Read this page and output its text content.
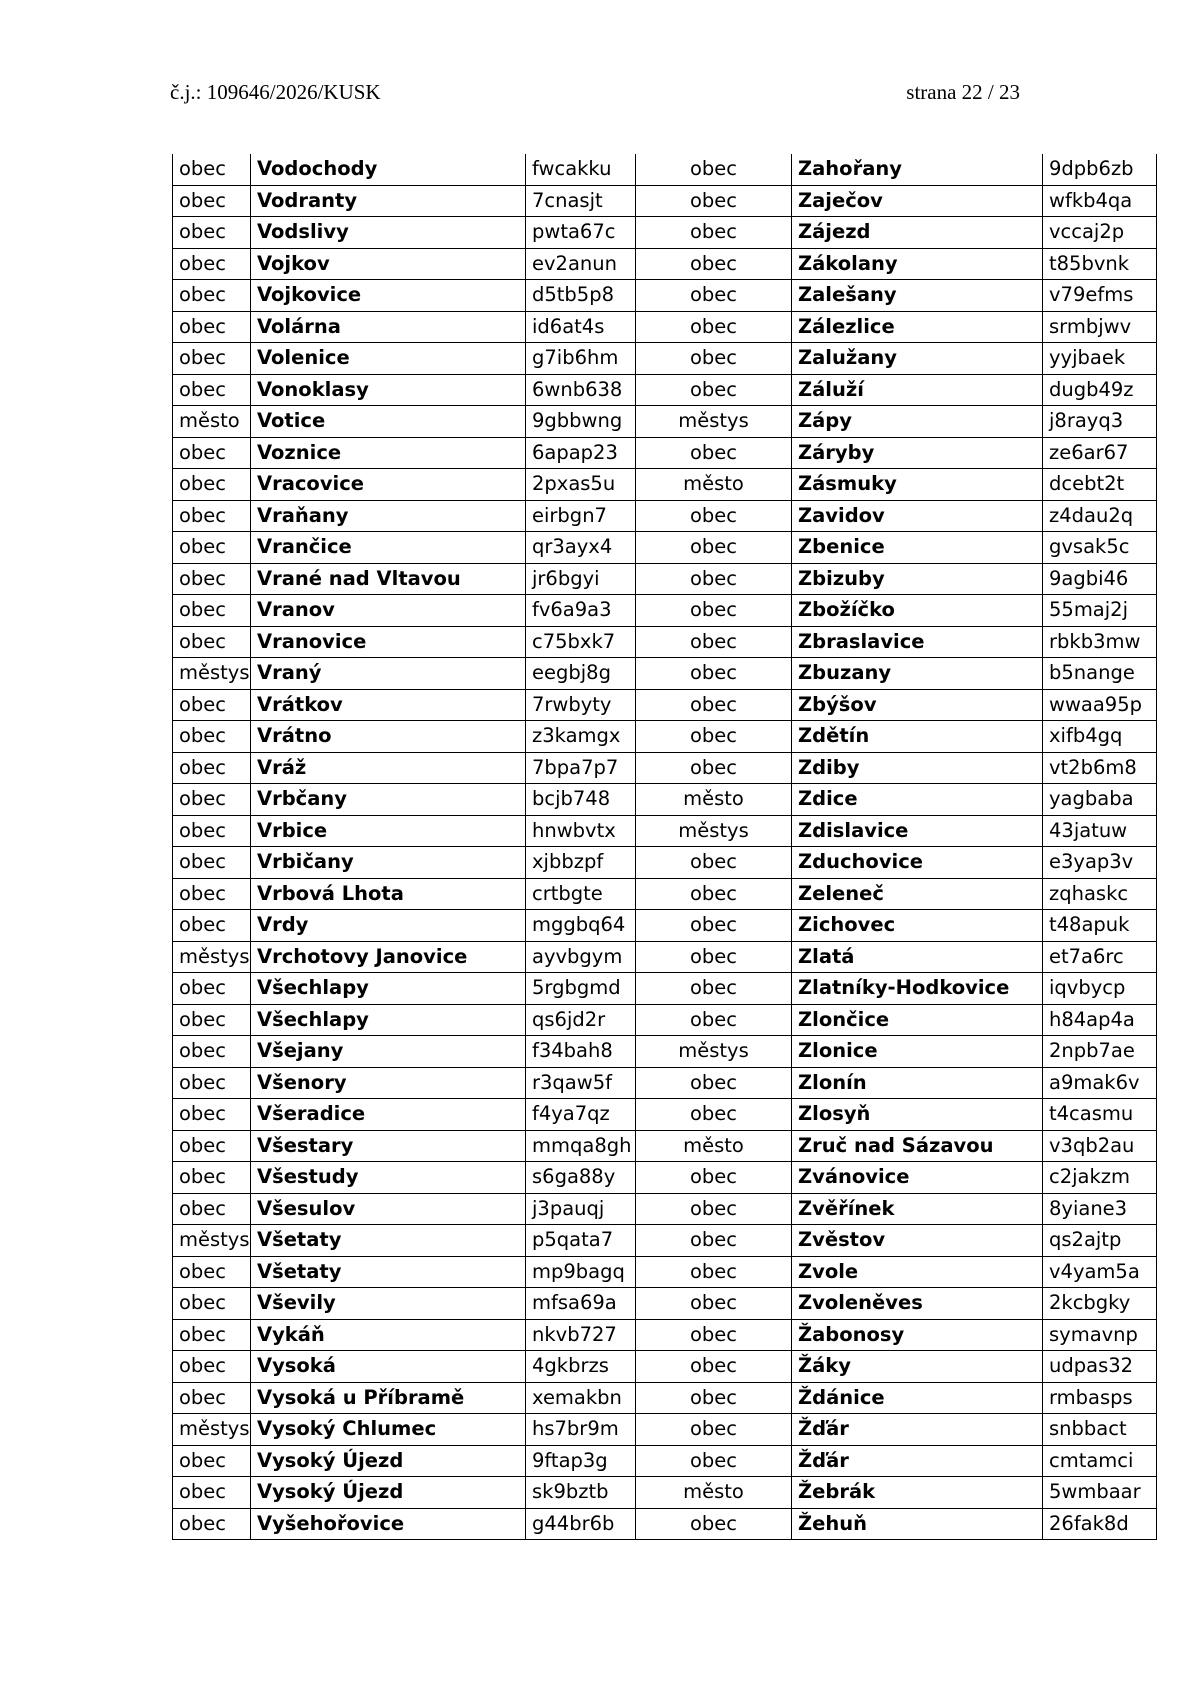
č.j.: 109646/2026/KUSK	strana 22 / 23
obec	Vodochody	fwcakku	obec	Zahořany	9dpb6zb
obec	Vodranty	7cnasjt	obec	Zaječov	wfkb4qa
obec	Vodslivy	pwta67c	obec	Zájezd	vccaj2p
obec	Vojkov	ev2anun	obec	Zákolany	t85bvnk
obec	Vojkovice	d5tb5p8	obec	Zalešany	v79efms
obec	Volárna	id6at4s	obec	Zálezlice	srmbjwv
obec	Volenice	g7ib6hm	obec	Zalužany	yyjbaek
obec	Vonoklasy	6wnb638	obec	Záluží	dugb49z
město	Votice	9gbbwng	městys	Zápy	j8rayq3
obec	Voznice	6apap23	obec	Záryby	ze6ar67
obec	Vracovice	2pxas5u	město	Zásmuky	dcebt2t
obec	Vraňany	eirbgn7	obec	Zavidov	z4dau2q
obec	Vrančice	qr3ayx4	obec	Zbenice	gvsak5c
obec	Vrané nad Vltavou	jr6bgyi	obec	Zbizuby	9agbi46
obec	Vranov	fv6a9a3	obec	Zbožíčko	55maj2j
obec	Vranovice	c75bxk7	obec	Zbraslavice	rbkb3mw
městys	Vraný	eegbj8g	obec	Zbuzany	b5nange
obec	Vrátkov	7rwbyty	obec	Zbýšov	wwaa95p
obec	Vrátno	z3kamgx	obec	Zdětín	xifb4gq
obec	Vráž	7bpa7p7	obec	Zdiby	vt2b6m8
obec	Vrbčany	bcjb748	město	Zdice	yagbaba
obec	Vrbice	hnwbvtx	městys	Zdislavice	43jatuw
obec	Vrbičany	xjbbzpf	obec	Zduchovice	e3yap3v
obec	Vrbová Lhota	crtbgte	obec	Zeleneč	zqhaskc
obec	Vrdy	mggbq64	obec	Zichovec	t48apuk
městys	Vrchotovy Janovice	ayvbgym	obec	Zlatá	et7a6rc
obec	Všechlapy	5rgbgmd	obec	Zlatníky-Hodkovice	iqvbycp
obec	Všechlapy	qs6jd2r	obec	Zlončice	h84ap4a
obec	Všejany	f34bah8	městys	Zlonice	2npb7ae
obec	Všenory	r3qaw5f	obec	Zlonín	a9mak6v
obec	Všeradice	f4ya7qz	obec	Zlosyň	t4casmu
obec	Všestary	mmqa8gh	město	Zruč nad Sázavou	v3qb2au
obec	Všestudy	s6ga88y	obec	Zvánovice	c2jakzm
obec	Všesulov	j3pauqj	obec	Zvěřínek	8yiane3
městys	Všetaty	p5qata7	obec	Zvěstov	qs2ajtp
obec	Všetaty	mp9bagq	obec	Zvole	v4yam5a
obec	Vševily	mfsa69a	obec	Zvoleněves	2kcbgky
obec	Vykáň	nkvb727	obec	Žabonosy	symavnp
obec	Vysoká	4gkbrzs	obec	Žáky	udpas32
obec	Vysoká u Příbramě	xemakbn	obec	Ždánice	rmbasps
městys	Vysoký Chlumec	hs7br9m	obec	Žďár	snbbact
obec	Vysoký Újezd	9ftap3g	obec	Žďár	cmtamci
obec	Vysoký Újezd	sk9bztb	město	Žebrák	5wmbaar
obec	Vyšehořovice	g44br6b	obec	Žehuň	26fak8d
